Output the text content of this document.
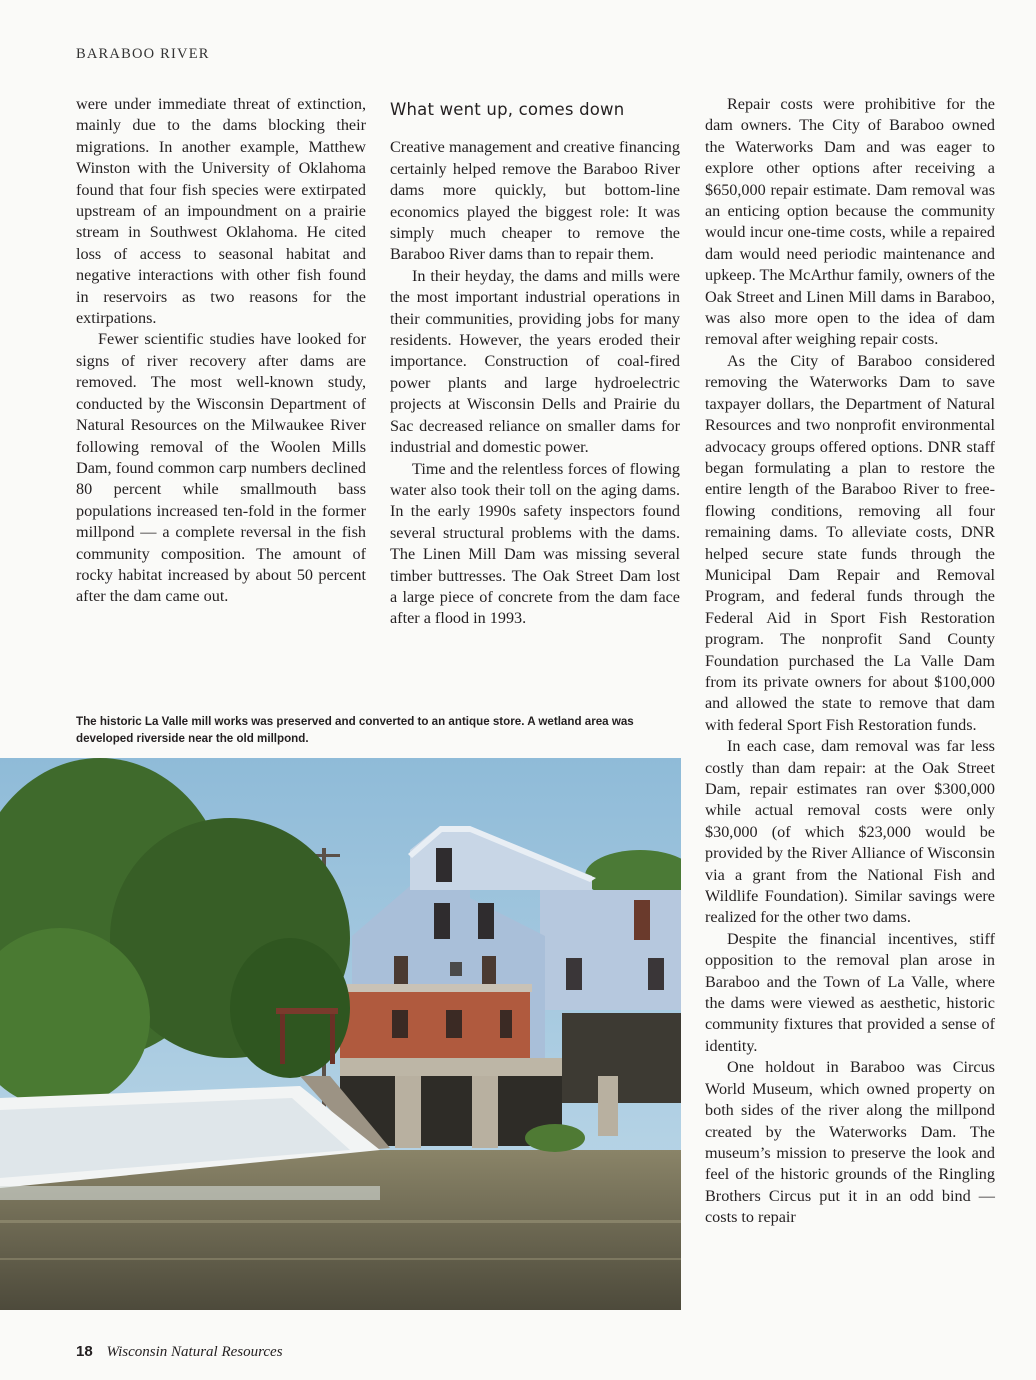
BARABOO RIVER

were under immediate threat of extinction, mainly due to the dams blocking their migrations. In another example, Matthew Winston with the University of Oklahoma found that four fish species were extirpated upstream of an impoundment on a prairie stream in Southwest Oklahoma. He cited loss of access to seasonal habitat and negative interactions with other fish found in reservoirs as two reasons for the extirpations.

Fewer scientific studies have looked for signs of river recovery after dams are removed. The most well-known study, conducted by the Wisconsin Department of Natural Resources on the Milwaukee River following removal of the Woolen Mills Dam, found common carp numbers declined 80 percent while smallmouth bass populations increased ten-fold in the former millpond — a complete reversal in the fish community composition. The amount of rocky habitat increased by about 50 percent after the dam came out.

What went up, comes down

Creative management and creative financing certainly helped remove the Baraboo River dams more quickly, but bottom-line economics played the biggest role: It was simply much cheaper to remove the Baraboo River dams than to repair them.

In their heyday, the dams and mills were the most important industrial operations in their communities, providing jobs for many residents. However, the years eroded their importance. Construction of coal-fired power plants and large hydroelectric projects at Wisconsin Dells and Prairie du Sac decreased reliance on smaller dams for industrial and domestic power.

Time and the relentless forces of flowing water also took their toll on the aging dams. In the early 1990s safety inspectors found several structural problems with the dams. The Linen Mill Dam was missing several timber buttresses. The Oak Street Dam lost a large piece of concrete from the dam face after a flood in 1993.

Repair costs were prohibitive for the dam owners. The City of Baraboo owned the Waterworks Dam and was eager to explore other options after receiving a $650,000 repair estimate. Dam removal was an enticing option because the community would incur one-time costs, while a repaired dam would need periodic maintenance and upkeep. The McArthur family, owners of the Oak Street and Linen Mill dams in Baraboo, was also more open to the idea of dam removal after weighing repair costs.

As the City of Baraboo considered removing the Waterworks Dam to save taxpayer dollars, the Department of Natural Resources and two nonprofit environmental advocacy groups offered options. DNR staff began formulating a plan to restore the entire length of the Baraboo River to free-flowing conditions, removing all four remaining dams. To alleviate costs, DNR helped secure state funds through the Municipal Dam Repair and Removal Program, and federal funds through the Federal Aid in Sport Fish Restoration program. The nonprofit Sand County Foundation purchased the La Valle Dam from its private owners for about $100,000 and allowed the state to remove that dam with federal Sport Fish Restoration funds.

In each case, dam removal was far less costly than dam repair: at the Oak Street Dam, repair estimates ran over $300,000 while actual removal costs were only $30,000 (of which $23,000 would be provided by the River Alliance of Wisconsin via a grant from the National Fish and Wildlife Foundation). Similar savings were realized for the other two dams.

Despite the financial incentives, stiff opposition to the removal plan arose in Baraboo and the Town of La Valle, where the dams were viewed as aesthetic, historic community fixtures that provided a sense of identity.

One holdout in Baraboo was Circus World Museum, which owned property on both sides of the river along the millpond created by the Waterworks Dam. The museum’s mission to preserve the look and feel of the historic grounds of the Ringling Brothers Circus put it in an odd bind — costs to repair

The historic La Valle mill works was preserved and converted to an antique store. A wetland area was developed riverside near the old millpond.
18 Wisconsin Natural Resources
